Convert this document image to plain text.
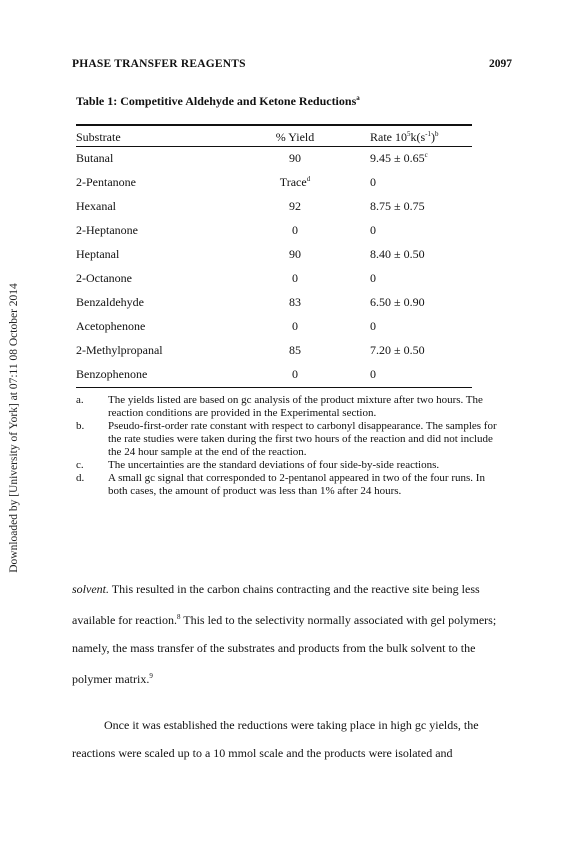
Downloaded by [University of York] at 07:11 08 October 2014
PHASE TRANSFER REAGENTS	2097
Table 1: Competitive Aldehyde and Ketone Reductions$^a$
Substrate	% Yield	Rate $10^5k(s^{-1})^b$
Butanal	90	9.45 ± 0.65$^c$
2-Pentanone	Trace$^d$	0
Hexanal	92	8.75 ± 0.75
2-Heptanone	0	0
Heptanal	90	8.40 ± 0.50
2-Octanone	0	0
Benzaldehyde	83	6.50 ± 0.90
Acetophenone	0	0
2-Methylpropanal	85	7.20 ± 0.50
Benzophenone	0	0
a. The yields listed are based on gc analysis of the product mixture after two hours. The reaction conditions are provided in the Experimental section.
b. Pseudo-first-order rate constant with respect to carbonyl disappearance. The samples for the rate studies were taken during the first two hours of the reaction and did not include the 24 hour sample at the end of the reaction.
c. The uncertainties are the standard deviations of four side-by-side reactions.
d. A small gc signal that corresponded to 2-pentanol appeared in two of the four runs. In both cases, the amount of product was less than 1% after 24 hours.

solvent. This resulted in the carbon chains contracting and the reactive site being less available for reaction.$^8$ This led to the selectivity normally associated with gel polymers; namely, the mass transfer of the substrates and products from the bulk solvent to the polymer matrix.$^9$

Once it was established the reductions were taking place in high gc yields, the reactions were scaled up to a 10 mmol scale and the products were isolated and
